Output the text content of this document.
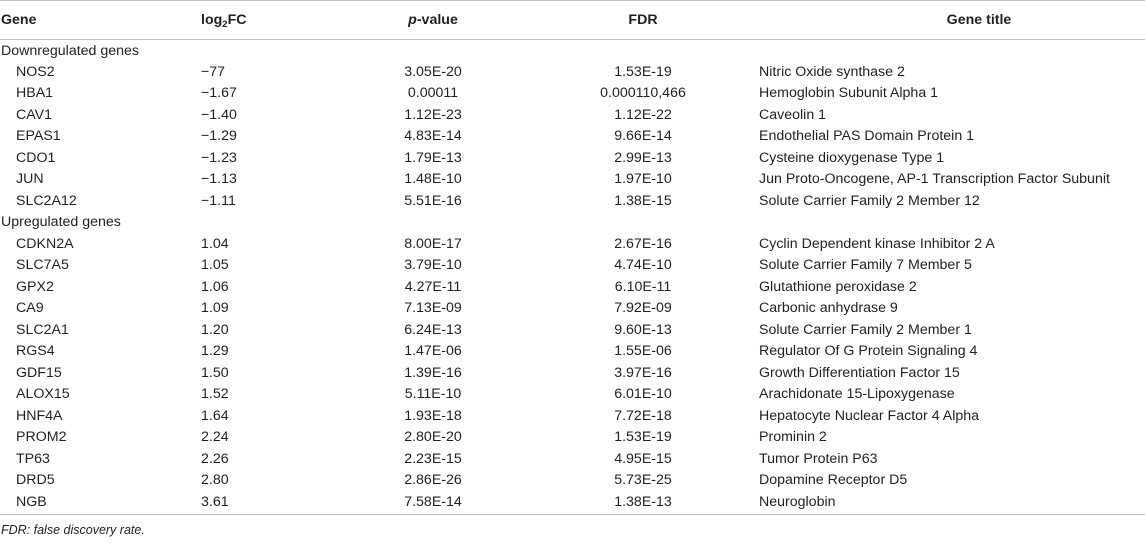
Gene	$\log_2FC$	p-value	FDR	Gene title
Downregulated genes				
NOS2	−77	3.05E-20	1.53E-19	Nitric Oxide synthase 2
HBA1	−1.67	0.00011	0.000110,466	Hemoglobin Subunit Alpha 1
CAV1	−1.40	1.12E-23	1.12E-22	Caveolin 1
EPAS1	−1.29	4.83E-14	9.66E-14	Endothelial PAS Domain Protein 1
CDO1	−1.23	1.79E-13	2.99E-13	Cysteine dioxygenase Type 1
JUN	−1.13	1.48E-10	1.97E-10	Jun Proto-Oncogene, AP-1 Transcription Factor Subunit
SLC2A12	−1.11	5.51E-16	1.38E-15	Solute Carrier Family 2 Member 12
Upregulated genes				
CDKN2A	1.04	8.00E-17	2.67E-16	Cyclin Dependent kinase Inhibitor 2 A
SLC7A5	1.05	3.79E-10	4.74E-10	Solute Carrier Family 7 Member 5
GPX2	1.06	4.27E-11	6.10E-11	Glutathione peroxidase 2
CA9	1.09	7.13E-09	7.92E-09	Carbonic anhydrase 9
SLC2A1	1.20	6.24E-13	9.60E-13	Solute Carrier Family 2 Member 1
RGS4	1.29	1.47E-06	1.55E-06	Regulator Of G Protein Signaling 4
GDF15	1.50	1.39E-16	3.97E-16	Growth Differentiation Factor 15
ALOX15	1.52	5.11E-10	6.01E-10	Arachidonate 15-Lipoxygenase
HNF4A	1.64	1.93E-18	7.72E-18	Hepatocyte Nuclear Factor 4 Alpha
PROM2	2.24	2.80E-20	1.53E-19	Prominin 2
TP63	2.26	2.23E-15	4.95E-15	Tumor Protein P63
DRD5	2.80	2.86E-26	5.73E-25	Dopamine Receptor D5
NGB	3.61	7.58E-14	1.38E-13	Neuroglobin
FDR: false discovery rate.
